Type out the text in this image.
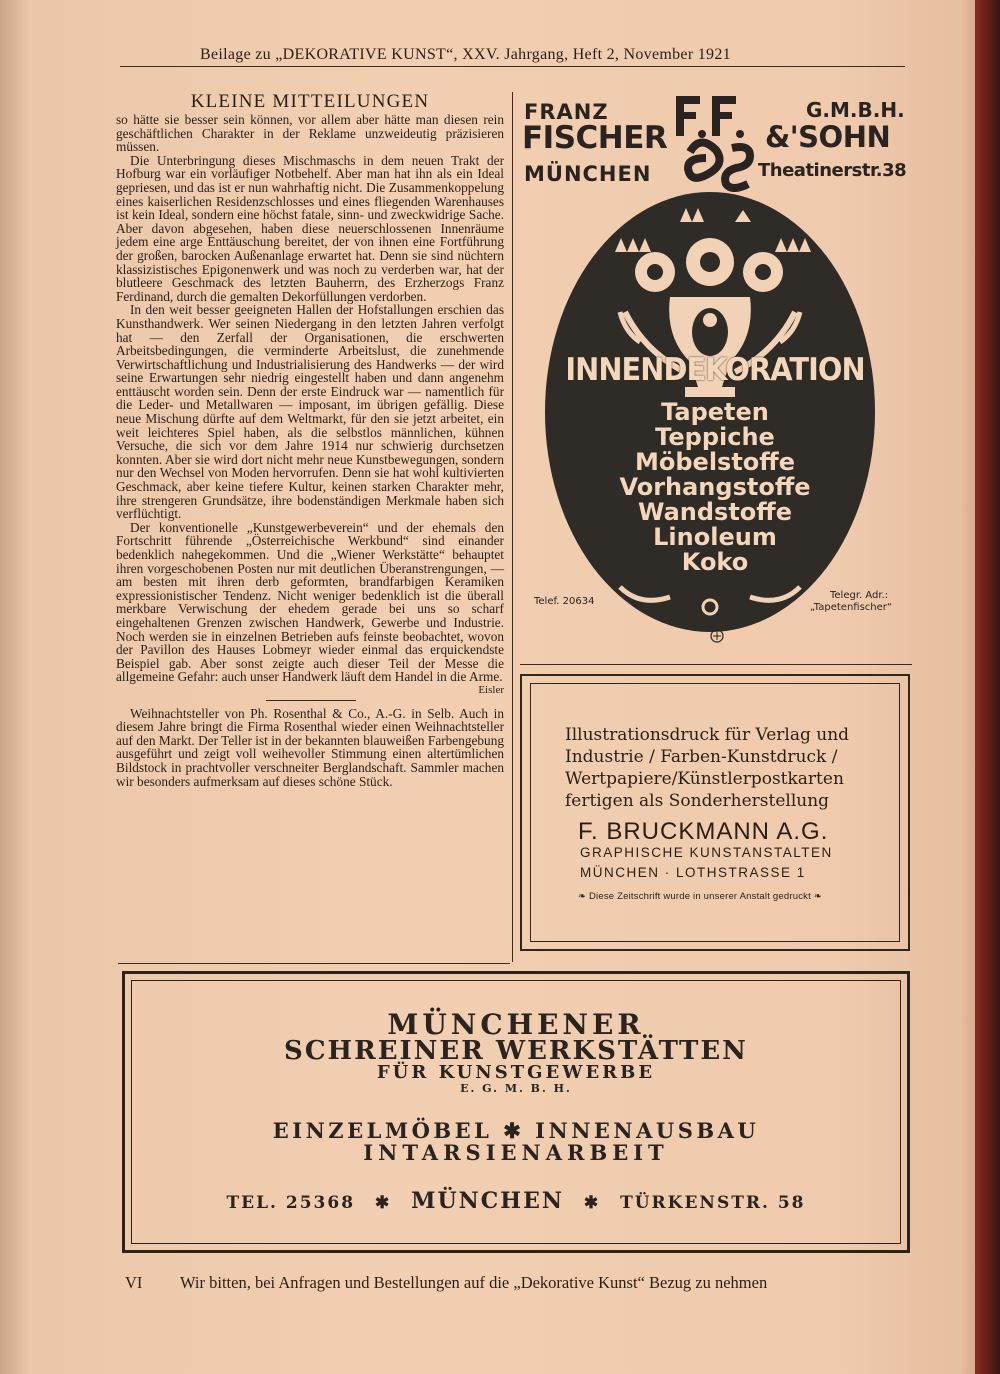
Beilage zu „DEKORATIVE KUNST“, XXV. Jahrgang, Heft 2, November 1921
KLEINE MITTEILUNGEN

so hätte sie besser sein können, vor allem aber hätte man diesen rein geschäftlichen Charakter in der Reklame unzweideutig präzisieren müssen.

Die Unterbringung dieses Mischmaschs in dem neuen Trakt der Hofburg war ein vorläufiger Notbehelf. Aber man hat ihn als ein Ideal gepriesen, und das ist er nun wahrhaftig nicht. Die Zusammenkoppelung eines kaiserlichen Residenzschlosses und eines fliegenden Warenhauses ist kein Ideal, sondern eine höchst fatale, sinn- und zweckwidrige Sache. Aber davon abgesehen, haben diese neuerschlossenen Innenräume jedem eine arge Enttäuschung bereitet, der von ihnen eine Fortführung der großen, barocken Außenanlage erwartet hat. Denn sie sind nüchtern klassizistisches Epigonenwerk und was noch zu verderben war, hat der blutleere Geschmack des letzten Bauherrn, des Erzherzogs Franz Ferdinand, durch die gemalten Dekorfüllungen verdorben.

In den weit besser geeigneten Hallen der Hofstallungen erschien das Kunsthandwerk. Wer seinen Niedergang in den letzten Jahren verfolgt hat — den Zerfall der Organisationen, die erschwerten Arbeitsbedingungen, die verminderte Arbeitslust, die zunehmende Verwirtschaftlichung und Industrialisierung des Handwerks — der wird seine Erwartungen sehr niedrig eingestellt haben und dann angenehm enttäuscht worden sein. Denn der erste Eindruck war — namentlich für die Leder- und Metallwaren — imposant, im übrigen gefällig. Diese neue Mischung dürfte auf dem Weltmarkt, für den sie jetzt arbeitet, ein weit leichteres Spiel haben, als die selbstlos männlichen, kühnen Versuche, die sich vor dem Jahre 1914 nur schwierig durchsetzen konnten. Aber sie wird dort nicht mehr neue Kunstbewegungen, sondern nur den Wechsel von Moden hervorrufen. Denn sie hat wohl kultivierten Geschmack, aber keine tiefere Kultur, keinen starken Charakter mehr, ihre strengeren Grundsätze, ihre bodenständigen Merkmale haben sich verflüchtigt.

Der konventionelle „Kunstgewerbeverein“ und der ehemals den Fortschritt führende „Österreichische Werkbund“ sind einander bedenklich nahegekommen. Und die „Wiener Werkstätte“ behauptet ihren vorgeschobenen Posten nur mit deutlichen Überanstrengungen, — am besten mit ihren derb geformten, brandfarbigen Keramiken expressionistischer Tendenz. Nicht weniger bedenklich ist die überall merkbare Verwischung der ehedem gerade bei uns so scharf eingehaltenen Grenzen zwischen Handwerk, Gewerbe und Industrie. Noch werden sie in einzelnen Betrieben aufs feinste beobachtet, wovon der Pavillon des Hauses Lobmeyr wieder einmal das erquickendste Beispiel gab. Aber sonst zeigte auch dieser Teil der Messe die allgemeine Gefahr: auch unser Handwerk läuft dem Handel in die Arme.

Eisler

Weihnachtsteller von Ph. Rosenthal & Co., A.-G. in Selb. Auch in diesem Jahre bringt die Firma Rosenthal wieder einen Weihnachtsteller auf den Markt. Der Teller ist in der bekannten blauweißen Farbengebung ausgeführt und zeigt voll weihevoller Stimmung einen altertümlichen Bildstock in prachtvoller verschneiter Berglandschaft. Sammler machen wir besonders aufmerksam auf dieses schöne Stück.

FRANZ
FISCHER
G.M.B.H.
&'SOHN
MÜNCHEN	Theatinerstr.38
INNENDEKORATION
Tapeten
Teppiche
Möbelstoffe
Vorhangstoffe
Wandstoffe
Linoleum
Koko
Telef. 20634
Telegr. Adr.:
„Tapetenfischer“
Illustrationsdruck für Verlag und
Industrie / Farben-Kunstdruck /
Wertpapiere/Künstlerpostkarten
fertigen als Sonderherstellung
F. BRUCKMANN A.G.
GRAPHISCHE KUNSTANSTALTEN
MÜNCHEN · LOTHSTRASSE 1
❧ Diese Zeitschrift wurde in unserer Anstalt gedruckt ❧
MÜNCHENER
SCHREINER WERKSTÄTTEN
FÜR KUNSTGEWERBE
E. G. M. B. H.
EINZELMÖBEL ✱ INNENAUSBAU
INTARSIENARBEIT
TEL. 25368 ✱ MÜNCHEN ✱ TÜRKENSTR. 58
VI Wir bitten, bei Anfragen und Bestellungen auf die „Dekorative Kunst“ Bezug zu nehmen
